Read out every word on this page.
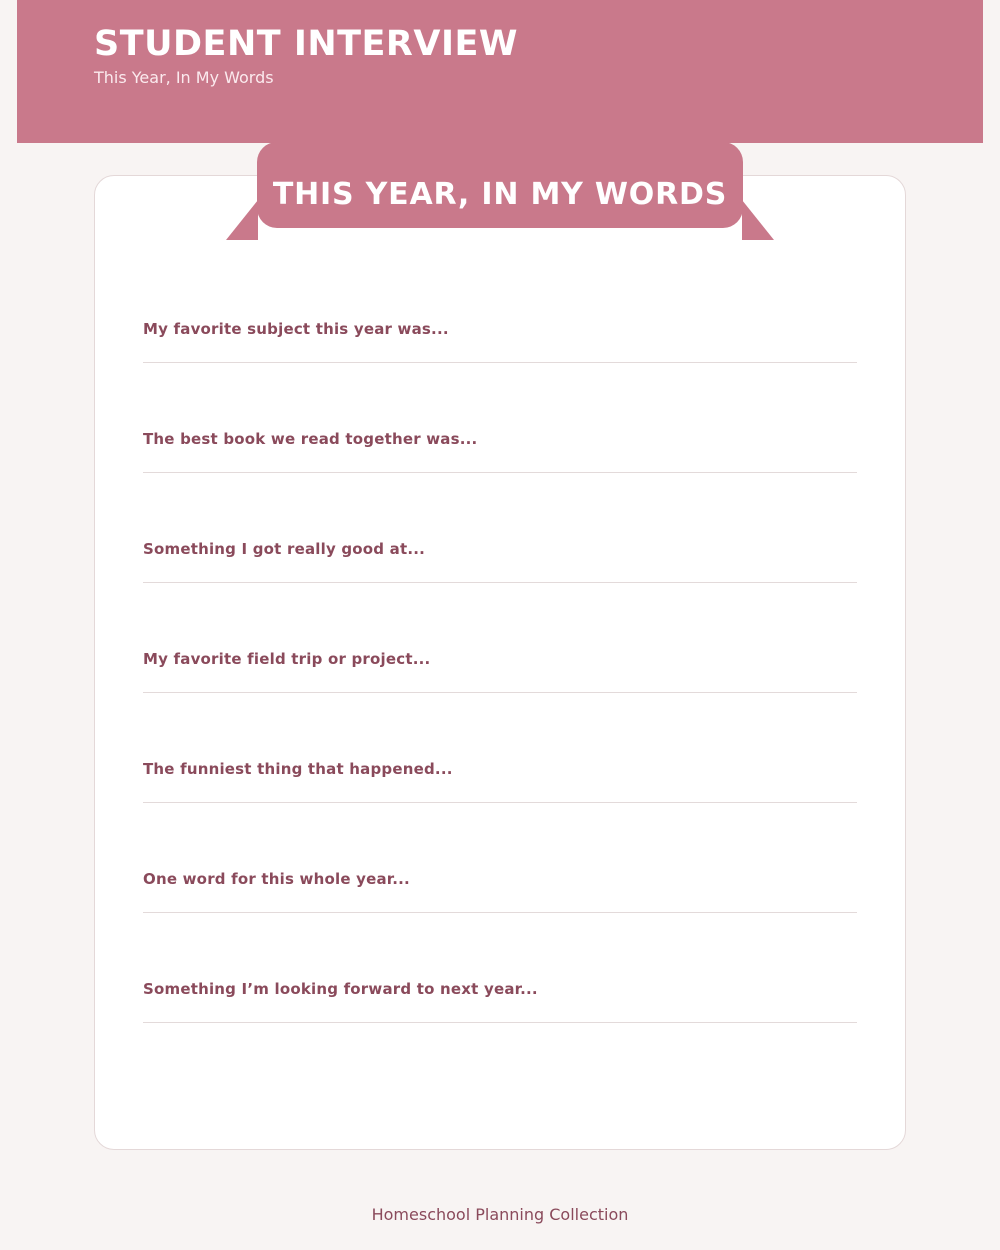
STUDENT INTERVIEW
This Year, In My Words
THIS YEAR, IN MY WORDS
My favorite subject this year was...
The best book we read together was...
Something I got really good at...
My favorite field trip or project...
The funniest thing that happened...
One word for this whole year...
Something I’m looking forward to next year...
Homeschool Planning Collection
